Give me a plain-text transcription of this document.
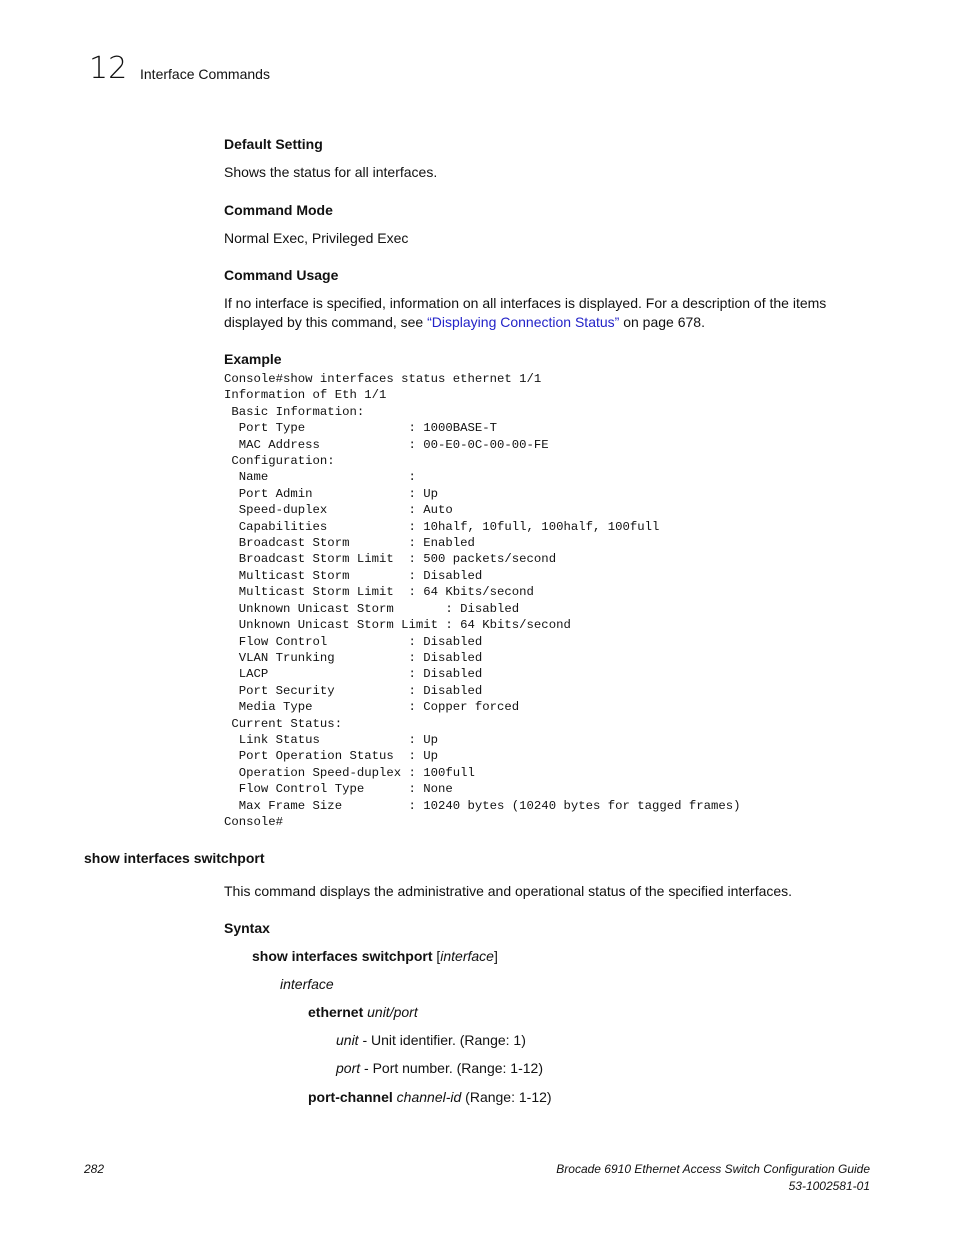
12 Interface Commands
Default Setting
Shows the status for all interfaces.
Command Mode
Normal Exec, Privileged Exec
Command Usage
If no interface is specified, information on all interfaces is displayed. For a description of the items displayed by this command, see “Displaying Connection Status” on page 678.
Example
Console#show interfaces status ethernet 1/1
Information of Eth 1/1
Basic Information:
Port Type              : 1000BASE-T
MAC Address            : 00-E0-0C-00-00-FE
Configuration:
Name                   :
Port Admin             : Up
Speed-duplex           : Auto
Capabilities           : 10half, 10full, 100half, 100full
Broadcast Storm        : Enabled
Broadcast Storm Limit  : 500 packets/second
Multicast Storm        : Disabled
Multicast Storm Limit  : 64 Kbits/second
Unknown Unicast Storm       : Disabled
Unknown Unicast Storm Limit : 64 Kbits/second
Flow Control           : Disabled
VLAN Trunking          : Disabled
LACP                   : Disabled
Port Security          : Disabled
Media Type             : Copper forced
Current Status:
Link Status            : Up
Port Operation Status  : Up
Operation Speed-duplex : 100full
Flow Control Type      : None
Max Frame Size         : 10240 bytes (10240 bytes for tagged frames)
Console#
show interfaces switchport
This command displays the administrative and operational status of the specified interfaces.
Syntax
show interfaces switchport [interface]
interface
ethernet unit/port
unit - Unit identifier. (Range: 1)
port - Port number. (Range: 1-12)
port-channel channel-id (Range: 1-12)
282	Brocade 6910 Ethernet Access Switch Configuration Guide
53-1002581-01
